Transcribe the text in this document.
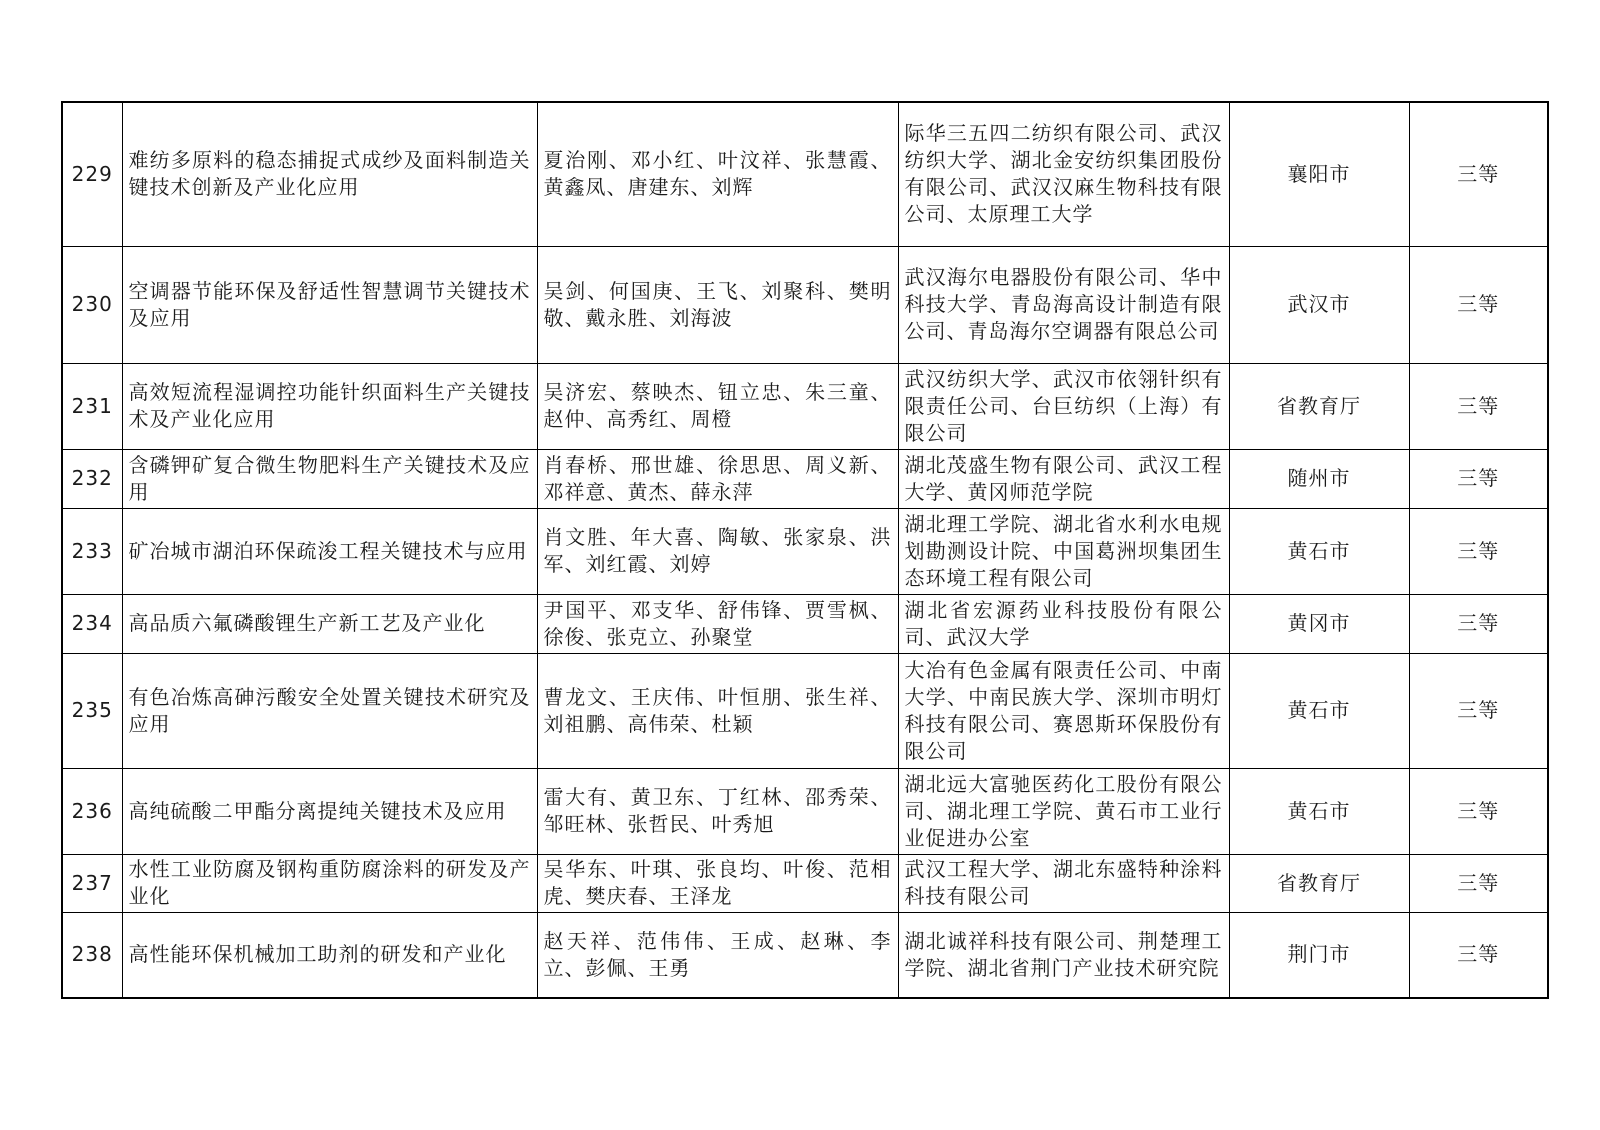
229	难纺多原料的稳态捕捉式成纱及面料制造关键技术创新及产业化应用	夏治刚、邓小红、叶汶祥、张慧霞、黄鑫凤、唐建东、刘辉	际华三五四二纺织有限公司、武汉纺织大学、湖北金安纺织集团股份有限公司、武汉汉麻生物科技有限公司、太原理工大学	襄阳市	三等
230	空调器节能环保及舒适性智慧调节关键技术及应用	吴剑、何国庚、王飞、刘聚科、樊明敬、戴永胜、刘海波	武汉海尔电器股份有限公司、华中科技大学、青岛海高设计制造有限公司、青岛海尔空调器有限总公司	武汉市	三等
231	高效短流程湿调控功能针织面料生产关键技术及产业化应用	吴济宏、蔡映杰、钮立忠、朱三童、赵仲、高秀红、周橙	武汉纺织大学、武汉市依翎针织有限责任公司、台巨纺织（上海）有限公司	省教育厅	三等
232	含磷钾矿复合微生物肥料生产关键技术及应用	肖春桥、邢世雄、徐思思、周义新、邓祥意、黄杰、薛永萍	湖北茂盛生物有限公司、武汉工程大学、黄冈师范学院	随州市	三等
233	矿冶城市湖泊环保疏浚工程关键技术与应用	肖文胜、年大喜、陶敏、张家泉、洪军、刘红霞、刘婷	湖北理工学院、湖北省水利水电规划勘测设计院、中国葛洲坝集团生态环境工程有限公司	黄石市	三等
234	高品质六氟磷酸锂生产新工艺及产业化	尹国平、邓支华、舒伟锋、贾雪枫、徐俊、张克立、孙聚堂	湖北省宏源药业科技股份有限公司、武汉大学	黄冈市	三等
235	有色冶炼高砷污酸安全处置关键技术研究及应用	曹龙文、王庆伟、叶恒朋、张生祥、刘祖鹏、高伟荣、杜颖	大冶有色金属有限责任公司、中南大学、中南民族大学、深圳市明灯科技有限公司、赛恩斯环保股份有限公司	黄石市	三等
236	高纯硫酸二甲酯分离提纯关键技术及应用	雷大有、黄卫东、丁红林、邵秀荣、邹旺林、张哲民、叶秀旭	湖北远大富驰医药化工股份有限公司、湖北理工学院、黄石市工业行业促进办公室	黄石市	三等
237	水性工业防腐及钢构重防腐涂料的研发及产业化	吴华东、叶琪、张良均、叶俊、范相虎、樊庆春、王泽龙	武汉工程大学、湖北东盛特种涂料科技有限公司	省教育厅	三等
238	高性能环保机械加工助剂的研发和产业化	赵天祥、范伟伟、王成、赵琳、李立、彭佩、王勇	湖北诚祥科技有限公司、荆楚理工学院、湖北省荆门产业技术研究院	荆门市	三等
